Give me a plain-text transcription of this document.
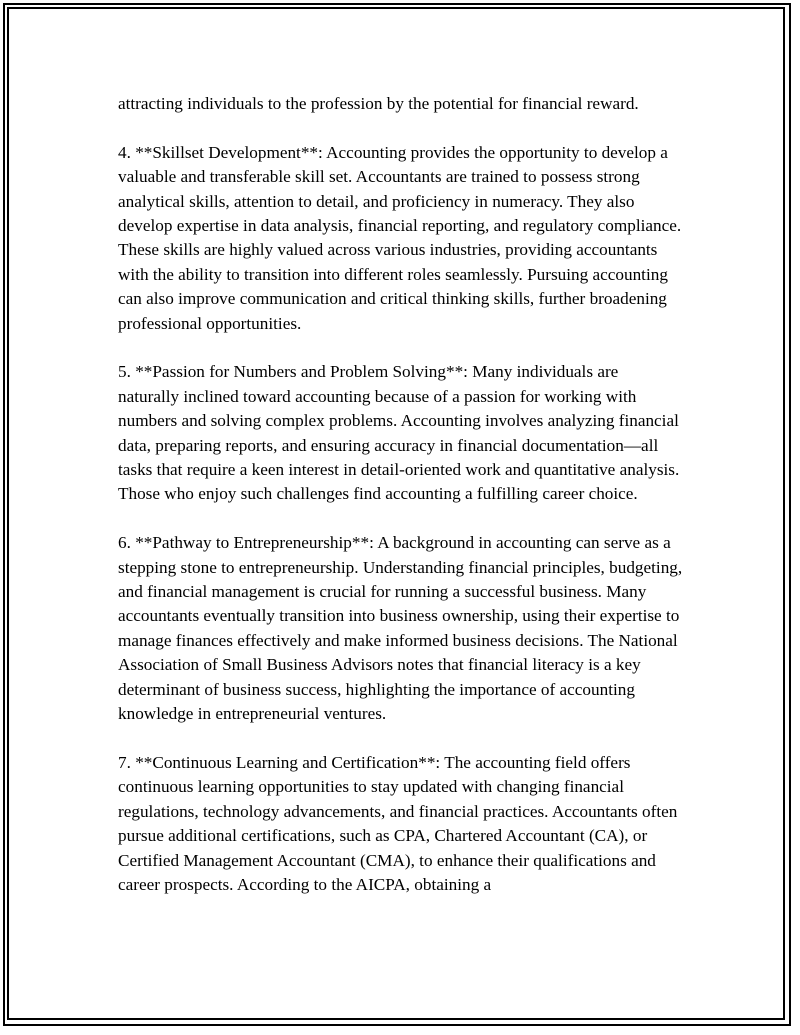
attracting individuals to the profession by the potential for financial reward.

4. **Skillset Development**: Accounting provides the opportunity to develop a valuable and transferable skill set. Accountants are trained to possess strong analytical skills, attention to detail, and proficiency in numeracy. They also develop expertise in data analysis, financial reporting, and regulatory compliance. These skills are highly valued across various industries, providing accountants with the ability to transition into different roles seamlessly. Pursuing accounting can also improve communication and critical thinking skills, further broadening professional opportunities.

5. **Passion for Numbers and Problem Solving**: Many individuals are naturally inclined toward accounting because of a passion for working with numbers and solving complex problems. Accounting involves analyzing financial data, preparing reports, and ensuring accuracy in financial documentation—all tasks that require a keen interest in detail-oriented work and quantitative analysis. Those who enjoy such challenges find accounting a fulfilling career choice.

6. **Pathway to Entrepreneurship**: A background in accounting can serve as a stepping stone to entrepreneurship. Understanding financial principles, budgeting, and financial management is crucial for running a successful business. Many accountants eventually transition into business ownership, using their expertise to manage finances effectively and make informed business decisions. The National Association of Small Business Advisors notes that financial literacy is a key determinant of business success, highlighting the importance of accounting knowledge in entrepreneurial ventures.

7. **Continuous Learning and Certification**: The accounting field offers continuous learning opportunities to stay updated with changing financial regulations, technology advancements, and financial practices. Accountants often pursue additional certifications, such as CPA, Chartered Accountant (CA), or Certified Management Accountant (CMA), to enhance their qualifications and career prospects. According to the AICPA, obtaining a
